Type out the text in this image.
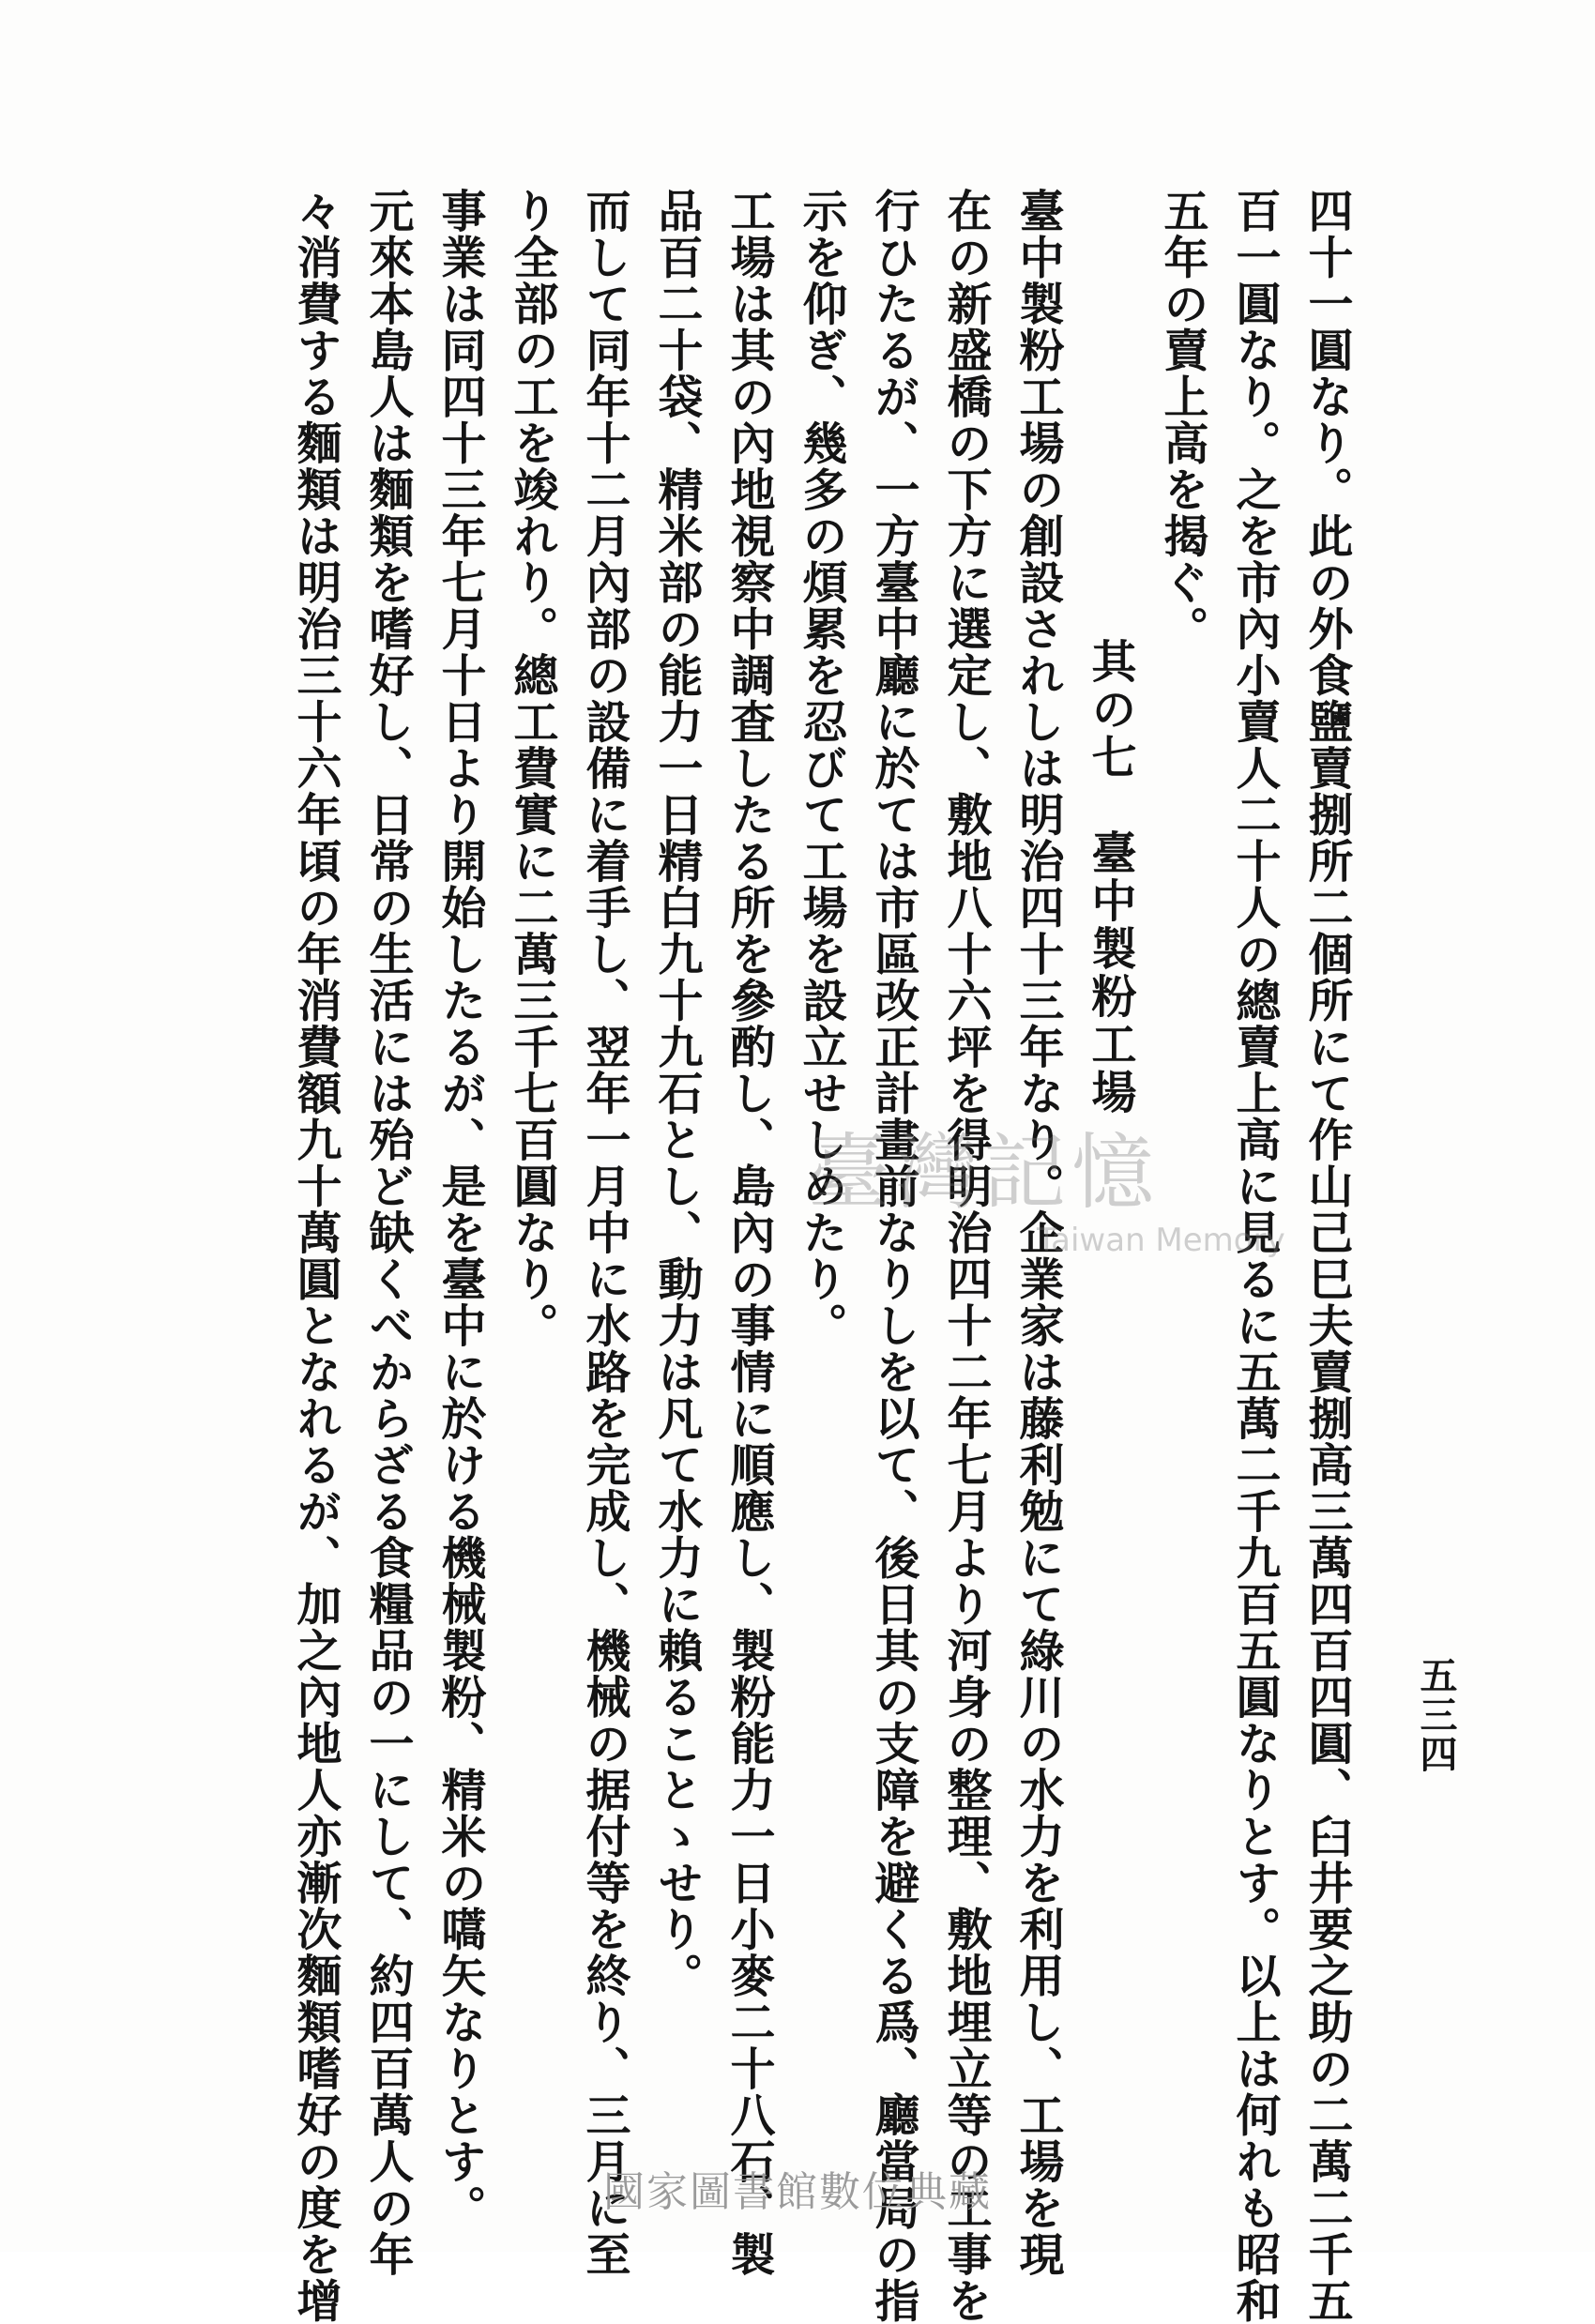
五三四

四十一圓なり。此の外食鹽賣捌所二個所にて作山己巳夫賣捌高三萬四百四圓、臼井要之助の二萬二千五

百一圓なり。之を市內小賣人二十人の總賣上高に見るに五萬二千九百五圓なりとす。以上は何れも昭和

五年の賣上高を揭ぐ。

其の七　臺中製粉工場

臺中製粉工場の創設されしは明治四十三年なり。企業家は藤利勉にて綠川の水力を利用し、工場を現

在の新盛橋の下方に選定し、敷地八十六坪を得明治四十二年七月より河身の整理、敷地埋立等の工事を

行ひたるが、一方臺中廳に於ては市區改正計畫前なりしを以て、後日其の支障を避くる爲、廳當局の指

示を仰ぎ、幾多の煩累を忍びて工場を設立せしめたり。

工場は其の內地視察中調査したる所を參酌し、島內の事情に順應し、製粉能力一日小麥二十八石、製

品百二十袋、精米部の能力一日精白九十九石とし、動力は凡て水力に賴ることゝせり。

而して同年十二月內部の設備に着手し、翌年一月中に水路を完成し、機械の据付等を終り、三月に至

り全部の工を竣れり。總工費實に二萬三千七百圓なり。

事業は同四十三年七月十日より開始したるが、是を臺中に於ける機械製粉、精米の嚆矢なりとす。

元來本島人は麵類を嗜好し、日常の生活には殆ど缺くべからざる食糧品の一にして、約四百萬人の年

々消費する麵類は明治三十六年頃の年消費額九十萬圓となれるが、加之內地人亦漸次麵類嗜好の度を增	臺灣記憶
Taiwan Memory
國家圖書館數位典藏
